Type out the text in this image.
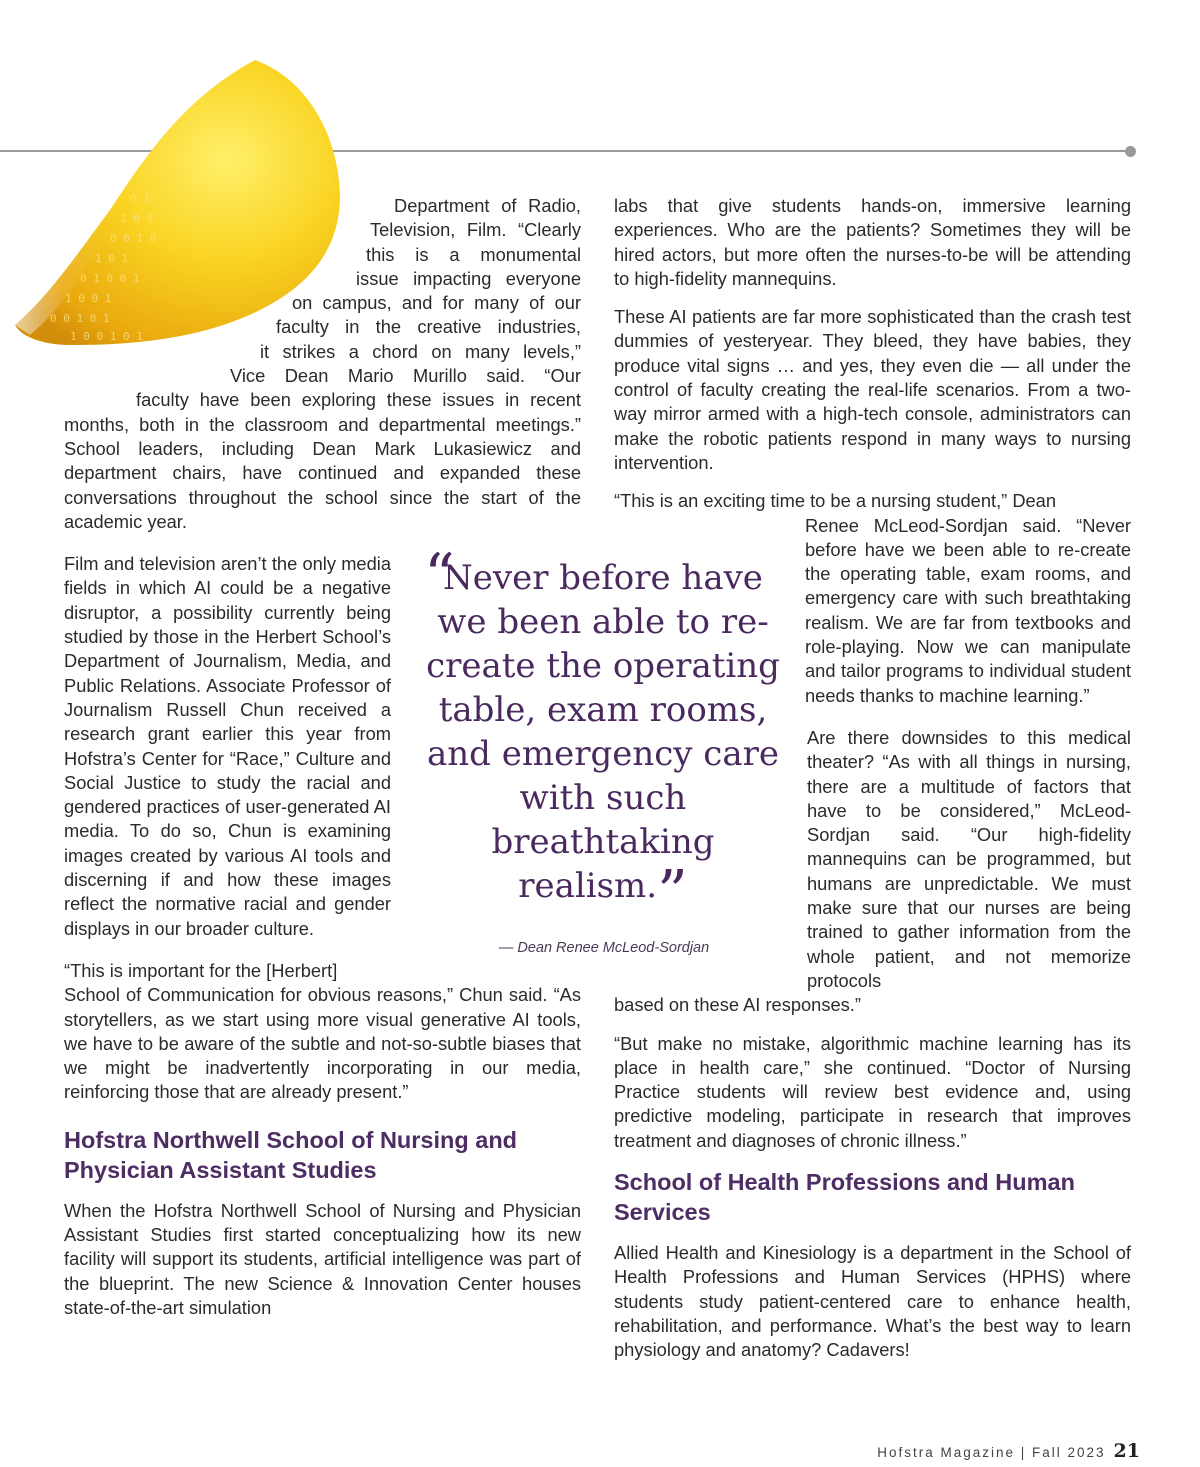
0 0 1 0 1
1 0 0 1
0 1 0 0 1
1 0 1
0 0 1 0
1 0 0
0 1
1 0 0 1 0 1

Department of Radio,
Television, Film. “Clearly
this is a monumental
issue impacting everyone
on campus, and for many of our
faculty in the creative industries,
it strikes a chord on many levels,”
Vice Dean Mario Murillo said. “Our
faculty have been exploring these issues in recent
months, both in the classroom and departmental meetings.” School leaders, including Dean Mark Lukasiewicz and department chairs, have continued and expanded these conversations throughout the school since the start of the academic year.

Film and television aren’t the only media fields in which AI could be a negative disruptor, a possibility currently being studied by those in the Herbert School’s Department of Journalism, Media, and Public Relations. Associate Professor of Journalism Russell Chun received a research grant earlier this year from Hofstra’s Center for “Race,” Culture and Social Justice to study the racial and gendered practices of user-generated AI media. To do so, Chun is examining images created by various AI tools and discerning if and how these images reflect the normative racial and gender displays in our broader culture.

“This is important for the [Herbert]
School of Communication for obvious reasons,” Chun said. “As storytellers, as we start using more visual generative AI tools, we have to be aware of the subtle and not-so-subtle biases that we might be inadvertently incorporating in our media, reinforcing those that are already present.”

Hofstra Northwell School of Nursing and Physician Assistant Studies

When the Hofstra Northwell School of Nursing and Physician Assistant Studies first started conceptualizing how its new facility will support its students, artificial intelligence was part of the blueprint. The new Science & Innovation Center houses state-of-the-art simulation

labs that give students hands-on, immersive learning experiences. Who are the patients? Sometimes they will be hired actors, but more often the nurses-to-be will be attending to high-fidelity mannequins.

These AI patients are far more sophisticated than the crash test dummies of yesteryear. They bleed, they have babies, they produce vital signs … and yes, they even die — all under the control of faculty creating the real-life scenarios. From a two-way mirror armed with a high-tech console, administrators can make the robotic patients respond in many ways to nursing intervention.

“This is an exciting time to be a nursing student,” Dean
Renee McLeod-Sordjan said. “Never before have we been able to re-create the operating table, exam rooms, and emergency care with such breathtaking realism. We are far from textbooks and role-playing. Now we can manipulate and tailor programs to individual student needs thanks to machine learning.”

Are there downsides to this medical theater? “As with all things in nursing, there are a multitude of factors that have to be considered,” McLeod-Sordjan said. “Our high-fidelity mannequins can be programmed, but humans are unpredictable. We must make sure that our nurses are being trained to gather information from the whole patient, and not memorize protocols
based on these AI responses.”

“But make no mistake, algorithmic machine learning has its place in health care,” she continued. “Doctor of Nursing Practice students will review best evidence and, using predictive modeling, participate in research that improves treatment and diagnoses of chronic illness.”

School of Health Professions and Human Services

Allied Health and Kinesiology is a department in the School of Health Professions and Human Services (HPHS) where students study patient-centered care to enhance health, rehabilitation, and performance. What’s the best way to learn physiology and anatomy? Cadavers!

“
Never before have we been able to re-create the operating table, exam rooms, and emergency care with such breathtaking realism.”
— Dean Renee McLeod-Sordjan
Hofstra Magazine | Fall 2023 21
